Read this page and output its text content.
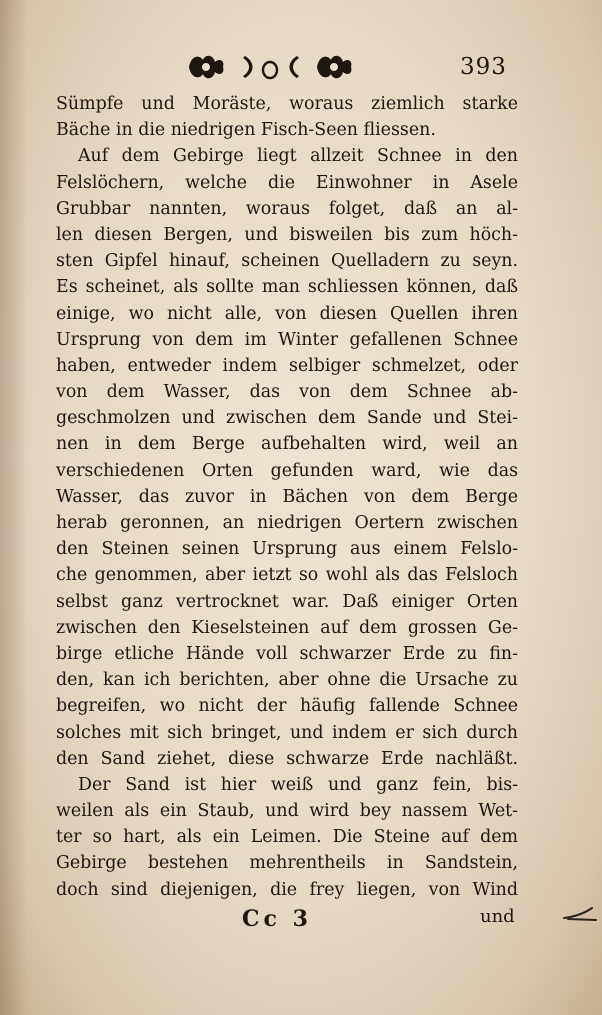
393
Sümpfe und Moräste, woraus ziemlich starke
Bäche in die niedrigen Fisch-Seen fliessen.
Auf dem Gebirge liegt allzeit Schnee in den
Felslöchern, welche die Einwohner in Asele
Grubbar nannten, woraus folget, daß an al-
len diesen Bergen, und bisweilen bis zum höch-
sten Gipfel hinauf, scheinen Quelladern zu seyn.
Es scheinet, als sollte man schliessen können, daß
einige, wo nicht alle, von diesen Quellen ihren
Ursprung von dem im Winter gefallenen Schnee
haben, entweder indem selbiger schmelzet, oder
von dem Wasser, das von dem Schnee ab-
geschmolzen und zwischen dem Sande und Stei-
nen in dem Berge aufbehalten wird, weil an
verschiedenen Orten gefunden ward, wie das
Wasser, das zuvor in Bächen von dem Berge
herab geronnen, an niedrigen Oertern zwischen
den Steinen seinen Ursprung aus einem Felslo-
che genommen, aber ietzt so wohl als das Felsloch
selbst ganz vertrocknet war. Daß einiger Orten
zwischen den Kieselsteinen auf dem grossen Ge-
birge etliche Hände voll schwarzer Erde zu fin-
den, kan ich berichten, aber ohne die Ursache zu
begreifen, wo nicht der häufig fallende Schnee
solches mit sich bringet, und indem er sich durch
den Sand ziehet, diese schwarze Erde nachläßt.
Der Sand ist hier weiß und ganz fein, bis-
weilen als ein Staub, und wird bey nassem Wet-
ter so hart, als ein Leimen. Die Steine auf dem
Gebirge bestehen mehrentheils in Sandstein,
doch sind diejenigen, die frey liegen, von Wind
Cc 3	und
